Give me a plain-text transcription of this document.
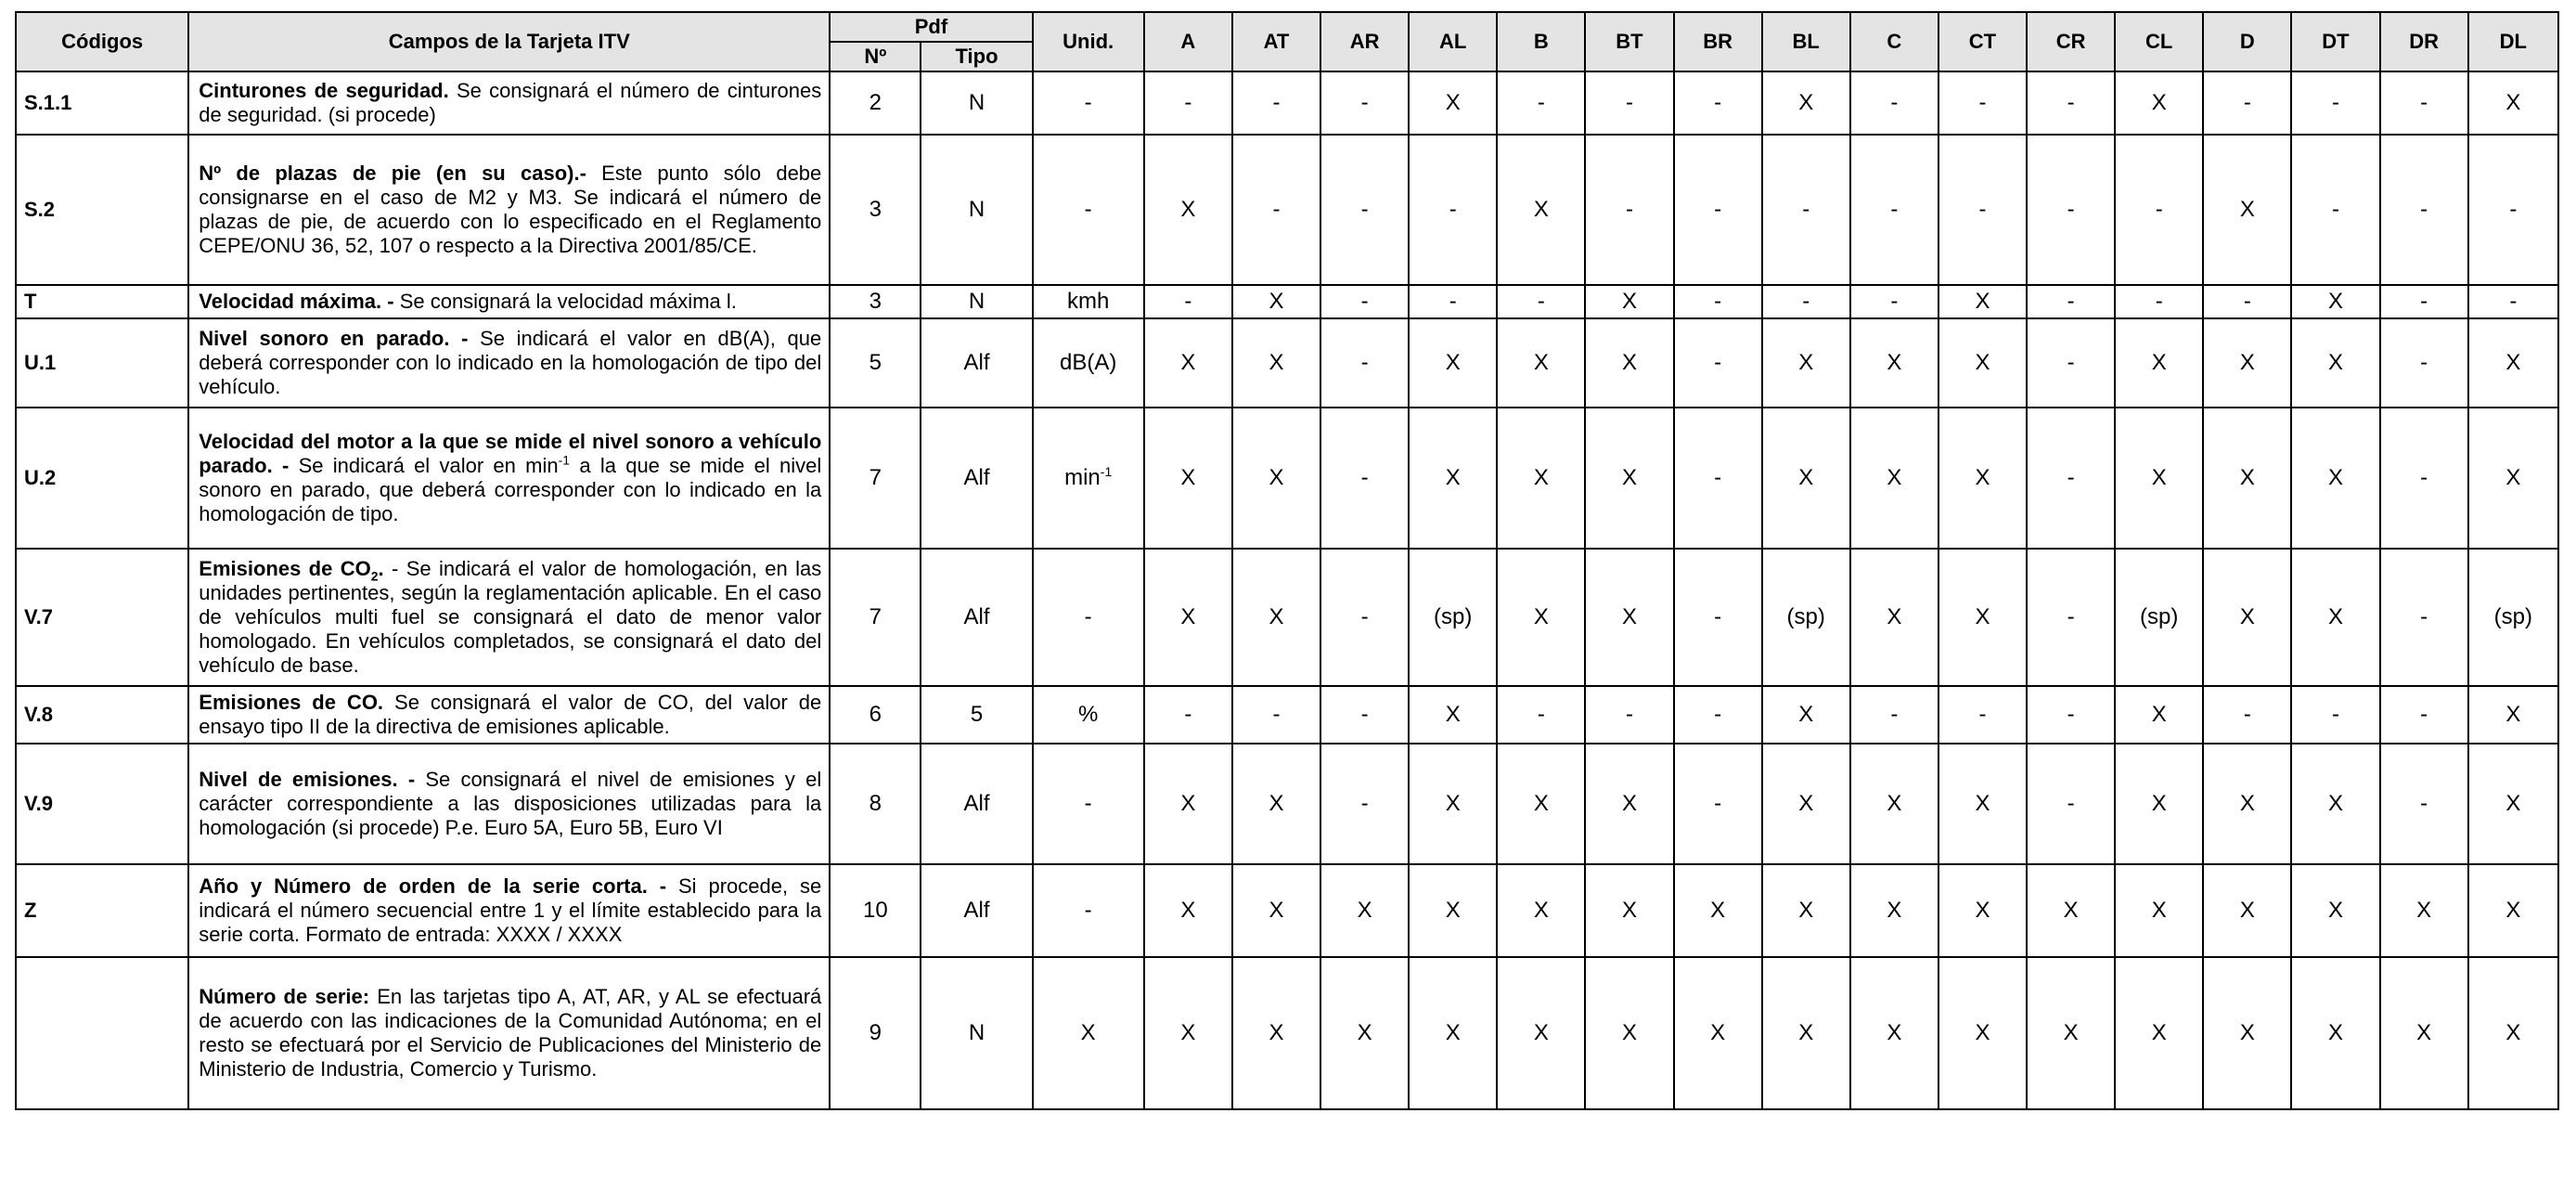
Códigos	Campos de la Tarjeta ITV	Pdf		Unid.	A	AT	AR	AL	B	BT	BR	BL	C	CT	CR	CL	D	DT	DR	DL
		Nº	Tipo																	
S.1.1	Cinturones de seguridad. Se consignará el número de cinturones de seguridad. (si procede)	2	N	-	-	-	-	X	-	-	-	X	-	-	-	X	-	-	-	X
S.2	Nº de plazas de pie (en su caso).- Este punto sólo debe consignarse en el caso de M2 y M3. Se indicará el número de plazas de pie, de acuerdo con lo especificado en el Reglamento CEPE/ONU 36, 52, 107 o respecto a la Directiva 2001/85/CE.	3	N	-	X	-	-	-	X	-	-	-	-	-	-	-	X	-	-	-
T	Velocidad máxima. - Se consignará la velocidad máxima l.	3	N	kmh	-	X	-	-	-	X	-	-	-	X	-	-	-	X	-	-
U.1	Nivel sonoro en parado. - Se indicará el valor en dB(A), que deberá corresponder con lo indicado en la homologación de tipo del vehículo.	5	Alf	dB(A)	X	X	-	X	X	X	-	X	X	X	-	X	X	X	-	X
U.2	Velocidad del motor a la que se mide el nivel sonoro a vehículo parado. - Se indicará el valor en $\min^{-1} a$ la que se mide el nivel sonoro en parado, que deberá corresponder con lo indicado en la homologación de tipo.	7	Alf	$\min^{-1}$	X	X	-	X	X	X	-	X	X	X	-	X	X	X	-	X
V.7	Emisiones de $CO_2$. - Se indicará el valor de homologación, en las unidades pertinentes, según la reglamentación aplicable. En el caso de vehículos multi fuel se consignará el dato de menor valor homologado. En vehículos completados, se consignará el dato del vehículo de base.	7	Alf	-	X	X	-	(sp)	X	X	-	(sp)	X	X	-	(sp)	X	X	-	(sp)
V.8	Emisiones de CO. Se consignará el valor de CO, del valor de ensayo tipo II de la directiva de emisiones aplicable.	6	5	%	-	-	-	X	-	-	-	X	-	-	-	X	-	-	-	X
V.9	Nivel de emisiones. - Se consignará el nivel de emisiones y el carácter correspondiente a las disposiciones utilizadas para la homologación (si procede) P.e. Euro 5A, Euro 5B, Euro VI	8	Alf	-	X	X	-	X	X	X	-	X	X	X	-	X	X	X	-	X
Z	Año y Número de orden de la serie corta. - Si procede, se indicará el número secuencial entre 1 y el límite establecido para la serie corta. Formato de entrada: XXXX / XXXX	10	Alf	-	X	X	X	X	X	X	X	X	X	X	X	X	X	X	X	X
	Número de serie: En las tarjetas tipo A, AT, AR, y AL se efectuará de acuerdo con las indicaciones de la Comunidad Autónoma; en el resto se efectuará por el Servicio de Publicaciones del Ministerio de Ministerio de Industria, Comercio y Turismo.	9	N	X	X	X	X	X	X	X	X	X	X	X	X	X	X	X	X	X
